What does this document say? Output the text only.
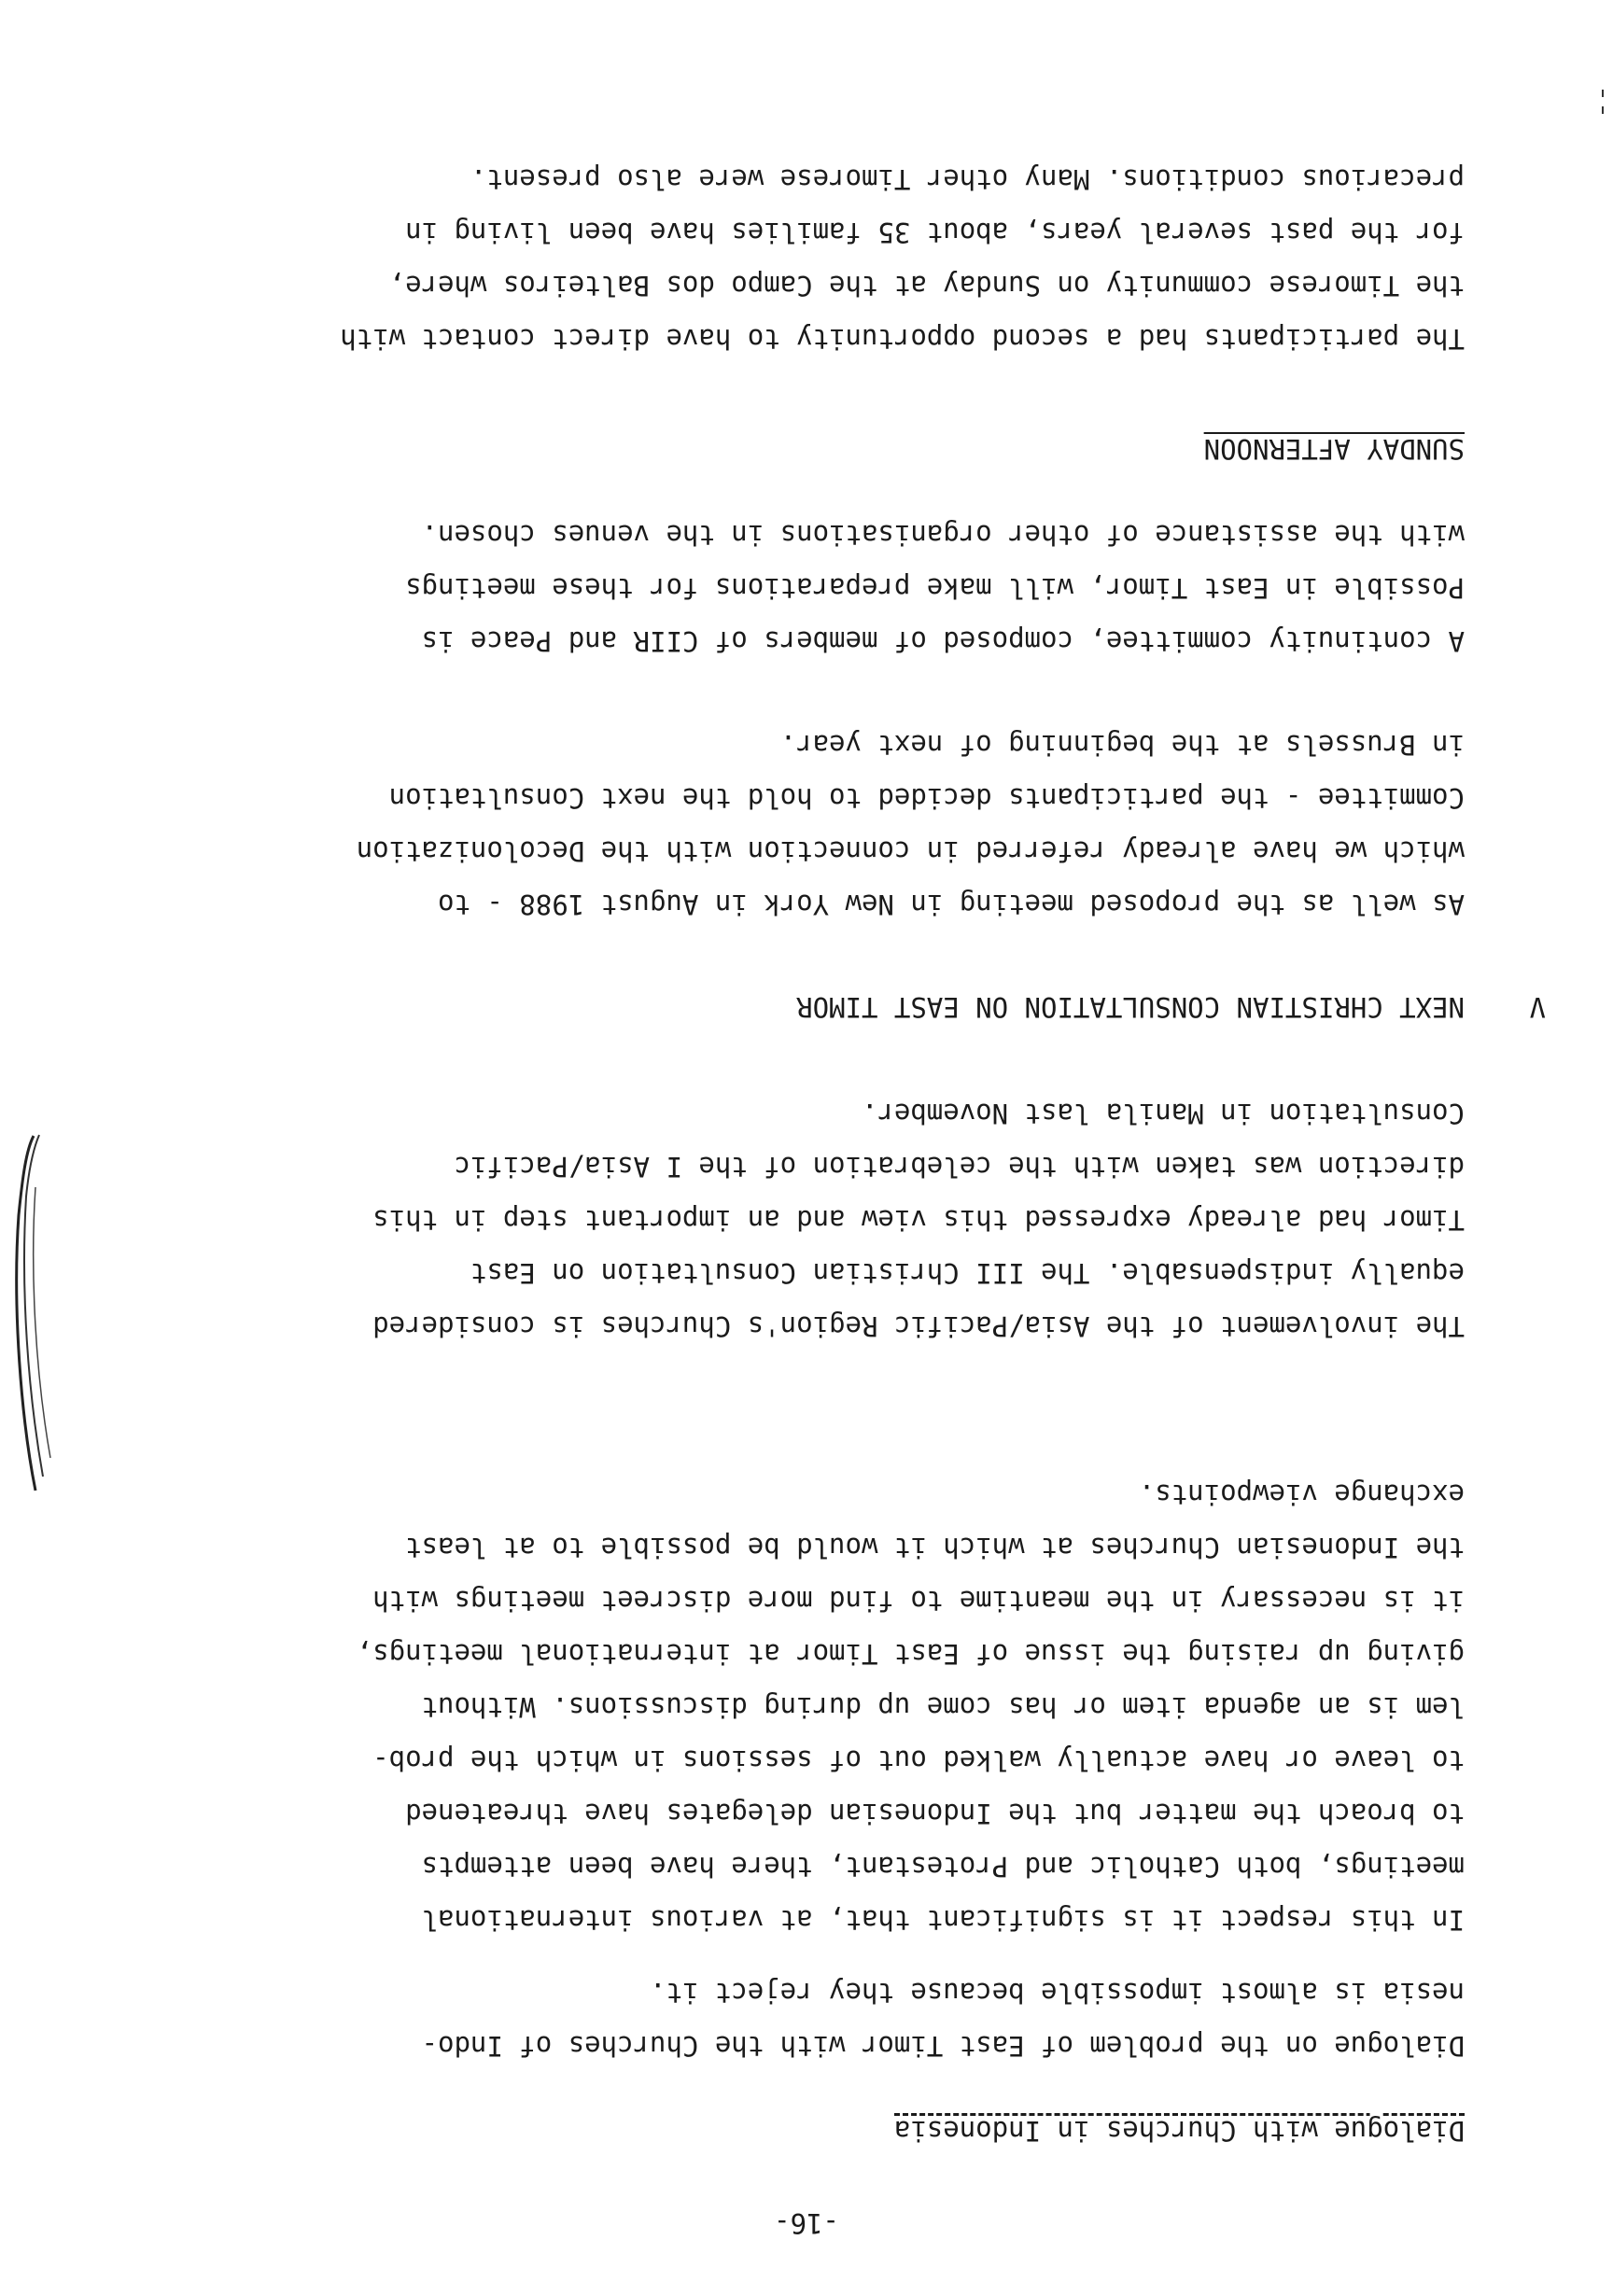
-16-
Dialogue with Churches in Indonesia

Dialogue on the problem of East Timor with the Churches of Indo-

nesia is almost impossible because they reject it.

In this respect it is significant that, at various international

meetings, both Catholic and Protestant, there have been attempts

to broach the matter but the Indonesian delegates have threatened

to leave or have actually walked out of sessions in which the prob-

lem is an agenda item or has come up during discussions. Without

giving up raising the issue of East Timor at international meetings,

it is necessary in the meantime to find more discreet meetings with

the Indonesian Churches at which it would be possible to at least

exchange viewpoints.

The involvement of the Asia/Pacific Region's Churches is considered

equally indispensable. The III Christian Consultation on East

Timor had already expressed this view and an important step in this

direction was taken with the celebration of the I Asia/Pacific

Consultation in Manila last November.

VNEXT CHRISTIAN CONSULTATION ON EAST TIMOR

As well as the proposed meeting in New York in August 1988 - to

which we have already referred in connection with the Decolonization

Committee - the participants decided to hold the next Consultation

in Brussels at the beginning of next year.

A continuity committee, composed of members of CIIR and Peace is

Possible in East Timor, will make preparations for these meetings

with the assistance of other organisations in the venues chosen.

SUNDAY AFTERNOON

The participants had a second opportunity to have direct contact with

the Timorese community on Sunday at the Campo dos Balteiros where,

for the past several years, about 35 families have been living in

precarious conditions. Many other Timorese were also present.
